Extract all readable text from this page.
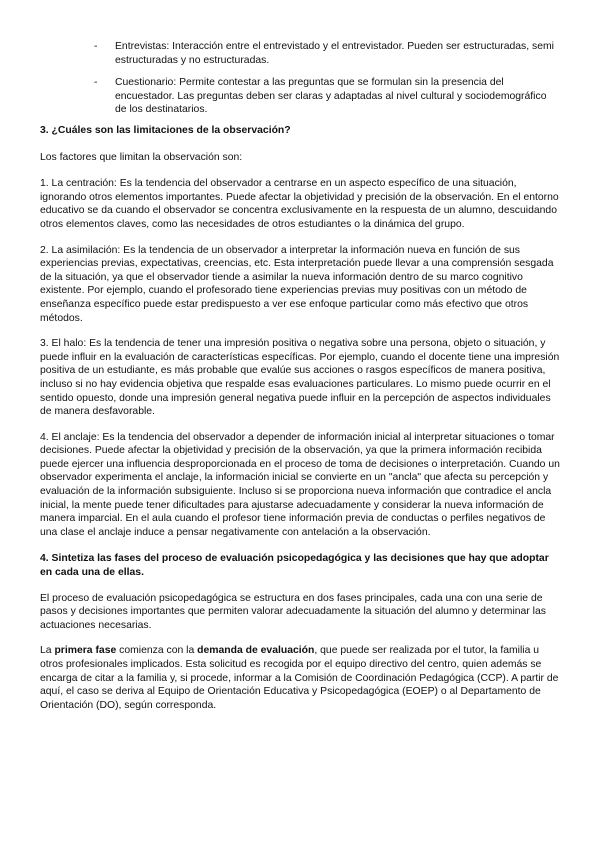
- Entrevistas: Interacción entre el entrevistado y el entrevistador. Pueden ser estructuradas, semi estructuradas y no estructuradas.
- Cuestionario: Permite contestar a las preguntas que se formulan sin la presencia del encuestador. Las preguntas deben ser claras y adaptadas al nivel cultural y sociodemográfico de los destinatarios.

3. ¿Cuáles son las limitaciones de la observación?

Los factores que limitan la observación son:

1. La centración: Es la tendencia del observador a centrarse en un aspecto específico de una situación, ignorando otros elementos importantes. Puede afectar la objetividad y precisión de la observación. En el entorno educativo se da cuando el observador se concentra exclusivamente en la respuesta de un alumno, descuidando otros elementos claves, como las necesidades de otros estudiantes o la dinámica del grupo.

2. La asimilación: Es la tendencia de un observador a interpretar la información nueva en función de sus experiencias previas, expectativas, creencias, etc. Esta interpretación puede llevar a una comprensión sesgada de la situación, ya que el observador tiende a asimilar la nueva información dentro de su marco cognitivo existente. Por ejemplo, cuando el profesorado tiene experiencias previas muy positivas con un método de enseñanza específico puede estar predispuesto a ver ese enfoque particular como más efectivo que otros métodos.

3. El halo: Es la tendencia de tener una impresión positiva o negativa sobre una persona, objeto o situación, y puede influir en la evaluación de características específicas. Por ejemplo, cuando el docente tiene una impresión positiva de un estudiante, es más probable que evalúe sus acciones o rasgos específicos de manera positiva, incluso si no hay evidencia objetiva que respalde esas evaluaciones particulares. Lo mismo puede ocurrir en el sentido opuesto, donde una impresión general negativa puede influir en la percepción de aspectos individuales de manera desfavorable.

4. El anclaje: Es la tendencia del observador a depender de información inicial al interpretar situaciones o tomar decisiones. Puede afectar la objetividad y precisión de la observación, ya que la primera información recibida puede ejercer una influencia desproporcionada en el proceso de toma de decisiones o interpretación. Cuando un observador experimenta el anclaje, la información inicial se convierte en un "ancla" que afecta su percepción y evaluación de la información subsiguiente. Incluso si se proporciona nueva información que contradice el ancla inicial, la mente puede tener dificultades para ajustarse adecuadamente y considerar la nueva información de manera imparcial. En el aula cuando el profesor tiene información previa de conductas o perfiles negativos de una clase el anclaje induce a pensar negativamente con antelación a la observación.

4. Sintetiza las fases del proceso de evaluación psicopedagógica y las decisiones que hay que adoptar en cada una de ellas.

El proceso de evaluación psicopedagógica se estructura en dos fases principales, cada una con una serie de pasos y decisiones importantes que permiten valorar adecuadamente la situación del alumno y determinar las actuaciones necesarias.

La primera fase comienza con la demanda de evaluación, que puede ser realizada por el tutor, la familia u otros profesionales implicados. Esta solicitud es recogida por el equipo directivo del centro, quien además se encarga de citar a la familia y, si procede, informar a la Comisión de Coordinación Pedagógica (CCP). A partir de aquí, el caso se deriva al Equipo de Orientación Educativa y Psicopedagógica (EOEP) o al Departamento de Orientación (DO), según corresponda.
